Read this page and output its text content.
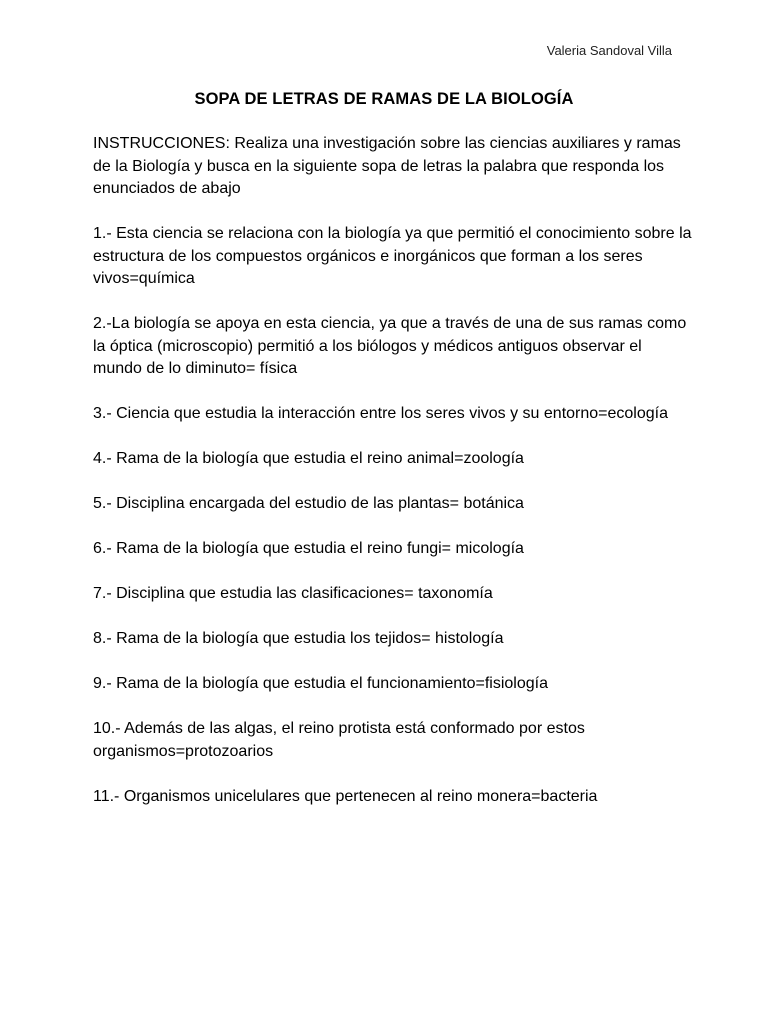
Valeria Sandoval Villa
SOPA DE LETRAS DE RAMAS DE LA BIOLOGÍA

INSTRUCCIONES: Realiza una investigación sobre las ciencias auxiliares y ramas de la Biología y busca en la siguiente sopa de letras la palabra que responda los enunciados de abajo

1.- Esta ciencia se relaciona con la biología ya que permitió el conocimiento sobre la estructura de los compuestos orgánicos e inorgánicos que forman a los seres vivos=química

2.-La biología se apoya en esta ciencia, ya que a través de una de sus ramas como la óptica (microscopio) permitió a los biólogos y médicos antiguos observar el mundo de lo diminuto= física

3.- Ciencia que estudia la interacción entre los seres vivos y su entorno=ecología

4.- Rama de la biología que estudia el reino animal=zoología

5.- Disciplina encargada del estudio de las plantas= botánica

6.- Rama de la biología que estudia el reino fungi= micología

7.- Disciplina que estudia las clasificaciones= taxonomía

8.- Rama de la biología que estudia los tejidos= histología

9.- Rama de la biología que estudia el funcionamiento=fisiología

10.- Además de las algas, el reino protista está conformado por estos organismos=protozoarios

11.- Organismos unicelulares que pertenecen al reino monera=bacteria
